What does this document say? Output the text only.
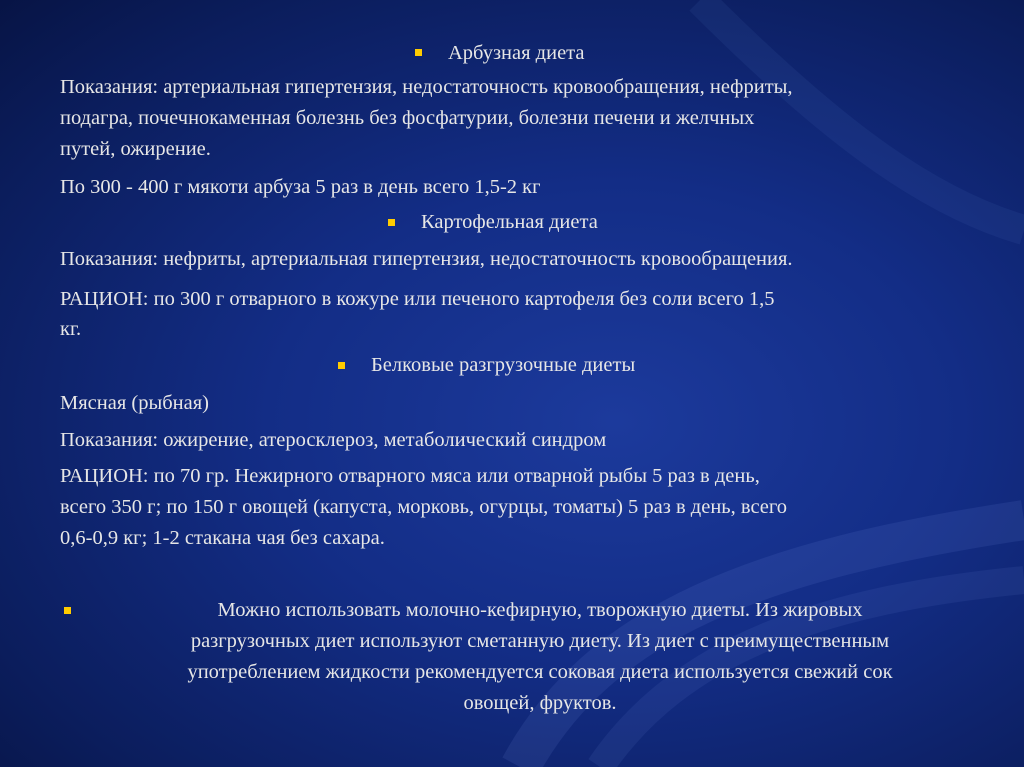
Арбузная диета
Показания: артериальная гипертензия, недостаточность кровообращения, нефриты,
подагра, почечнокаменная болезнь без фосфатурии, болезни печени и желчных
путей, ожирение.
По 300 - 400 г мякоти арбуза 5 раз в день всего 1,5-2 кг
Картофельная диета
Показания: нефриты, артериальная гипертензия, недостаточность кровообращения.
РАЦИОН: по 300 г отварного в кожуре или печеного картофеля без соли всего 1,5
кг.
Белковые разгрузочные диеты
Мясная (рыбная)
Показания: ожирение, атеросклероз, метаболический синдром
РАЦИОН: по 70 гр. Нежирного отварного мяса или отварной рыбы 5 раз в день,
всего 350 г; по 150 г овощей (капуста, морковь, огурцы, томаты) 5 раз в день, всего
0,6-0,9 кг; 1-2 стакана чая без сахара.
Можно использовать молочно-кефирную, творожную диеты. Из жировых
разгрузочных диет используют сметанную диету. Из диет с преимущественным
употреблением жидкости рекомендуется соковая диета используется свежий сок
овощей, фруктов.
